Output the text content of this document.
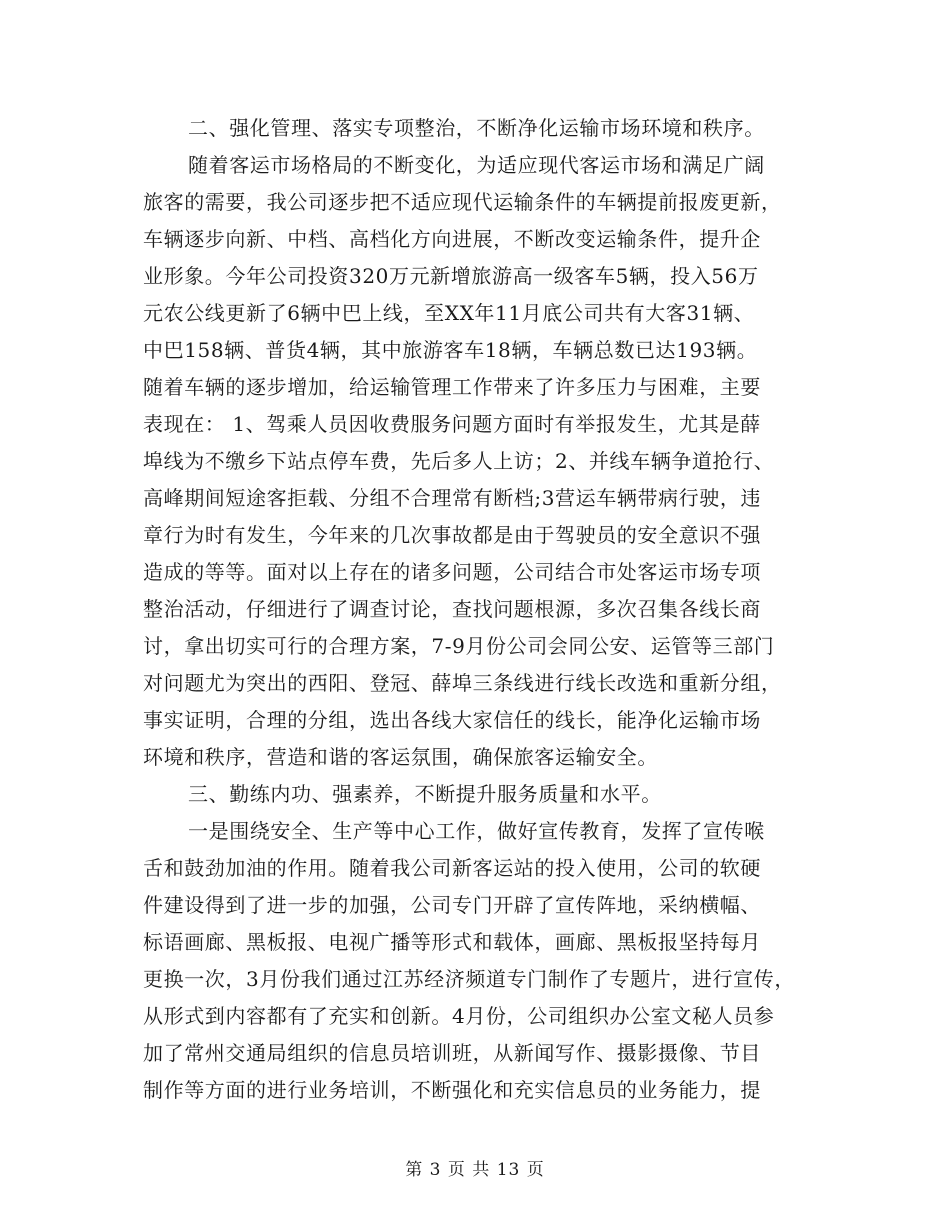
二、强化管理、落实专项整治，不断净化运输市场环境和秩序。
随着客运市场格局的不断变化，为适应现代客运市场和满足广阔
旅客的需要，我公司逐步把不适应现代运输条件的车辆提前报废更新，
车辆逐步向新、中档、高档化方向进展，不断改变运输条件，提升企
业形象。今年公司投资320万元新增旅游高一级客车5辆，投入56万
元农公线更新了6辆中巴上线，至XX年11月底公司共有大客31辆、
中巴158辆、普货4辆，其中旅游客车18辆，车辆总数已达193辆。
随着车辆的逐步增加，给运输管理工作带来了许多压力与困难，主要
表现在： 1、驾乘人员因收费服务问题方面时有举报发生，尤其是薛
埠线为不缴乡下站点停车费，先后多人上访；2、并线车辆争道抢行、
高峰期间短途客拒载、分组不合理常有断档;3营运车辆带病行驶，违
章行为时有发生，今年来的几次事故都是由于驾驶员的安全意识不强
造成的等等。面对以上存在的诸多问题，公司结合市处客运市场专项
整治活动，仔细进行了调查讨论，查找问题根源，多次召集各线长商
讨，拿出切实可行的合理方案，7-9月份公司会同公安、运管等三部门
对问题尤为突出的西阳、登冠、薛埠三条线进行线长改选和重新分组，
事实证明，合理的分组，选出各线大家信任的线长，能净化运输市场
环境和秩序，营造和谐的客运氛围，确保旅客运输安全。
三、勤练内功、强素养，不断提升服务质量和水平。
一是围绕安全、生产等中心工作，做好宣传教育，发挥了宣传喉
舌和鼓劲加油的作用。随着我公司新客运站的投入使用，公司的软硬
件建设得到了进一步的加强，公司专门开辟了宣传阵地，采纳横幅、
标语画廊、黑板报、电视广播等形式和载体，画廊、黑板报坚持每月
更换一次，3月份我们通过江苏经济频道专门制作了专题片，进行宣传，
从形式到内容都有了充实和创新。4月份，公司组织办公室文秘人员参
加了常州交通局组织的信息员培训班，从新闻写作、摄影摄像、节目
制作等方面的进行业务培训，不断强化和充实信息员的业务能力，提
第 3 页 共 13 页
